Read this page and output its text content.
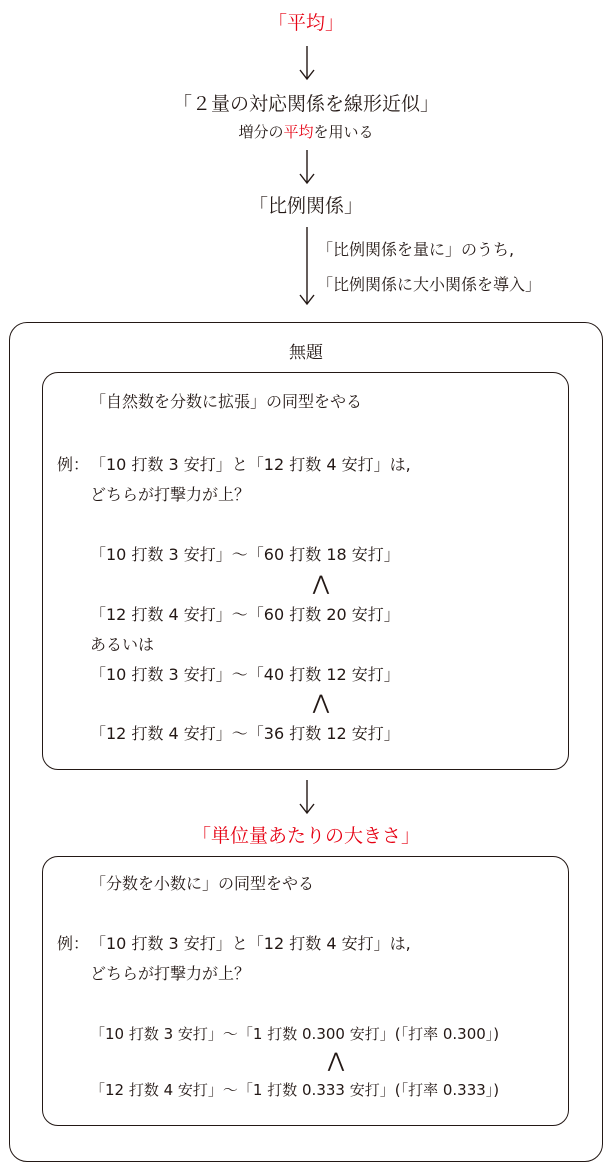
「平均」
「２量の対応関係を線形近似」
増分の平均を用いる
「比例関係」
「比例関係を量に」のうち,
「比例関係に大小関係を導入」
無題
「自然数を分数に拡張」の同型をやる
例： 「10 打数 3 安打」と「12 打数 4 安打」は,
どちらが打撃力が上？
「10 打数 3 安打」～「60 打数 18 安打」
⋀
「12 打数 4 安打」～「60 打数 20 安打」
あるいは
「10 打数 3 安打」～「40 打数 12 安打」
⋀
「12 打数 4 安打」～「36 打数 12 安打」
「単位量あたりの大きさ」
「分数を小数に」の同型をやる
例： 「10 打数 3 安打」と「12 打数 4 安打」は,
どちらが打撃力が上？
「10 打数 3 安打」～「1 打数 0.300 安打」(「打率 0.300」)
⋀
「12 打数 4 安打」～「1 打数 0.333 安打」(「打率 0.333」)
